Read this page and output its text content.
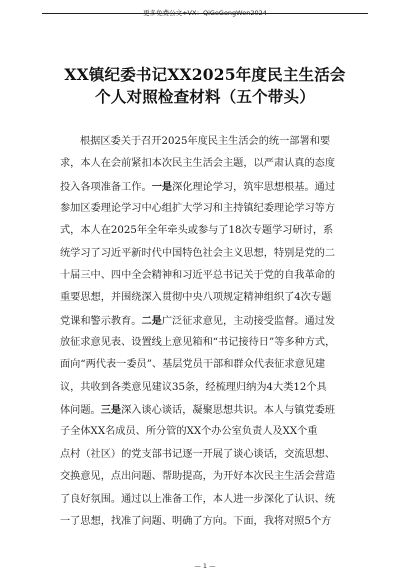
更多免费公文+VX：QiGeGongWen2024
XX镇纪委书记XX2025年度民主生活会
个人对照检查材料（五个带头）
根据区委关于召开2025年度民主生活会的统一部署和要
求，本人在会前紧扣本次民主生活会主题，以严肃认真的态度
投入各项准备工作。一是深化理论学习，筑牢思想根基。通过
参加区委理论学习中心组扩大学习和主持镇纪委理论学习等方
式，本人在2025年全年牵头或参与了18次专题学习研讨，系
统学习了习近平新时代中国特色社会主义思想，特别是党的二
十届三中、四中全会精神和习近平总书记关于党的自我革命的
重要思想，并围绕深入贯彻中央八项规定精神组织了4次专题
党课和警示教育。二是广泛征求意见，主动接受监督。通过发
放征求意见表、设置线上意见箱和“书记接待日”等多种方式，
面向“两代表一委员”、基层党员干部和群众代表征求意见建
议，共收到各类意见建议35条，经梳理归纳为4大类12个具
体问题。三是深入谈心谈话，凝聚思想共识。本人与镇党委班
子全体XX名成员、所分管的XX个办公室负责人及XX个重
点村（社区）的党支部书记逐一开展了谈心谈话，交流思想、
交换意见，点出问题、帮助提高，为开好本次民主生活会营造
了良好氛围。通过以上准备工作，本人进一步深化了认识、统
一了思想，找准了问题、明确了方向。下面，我将对照5个方
— 1 —
